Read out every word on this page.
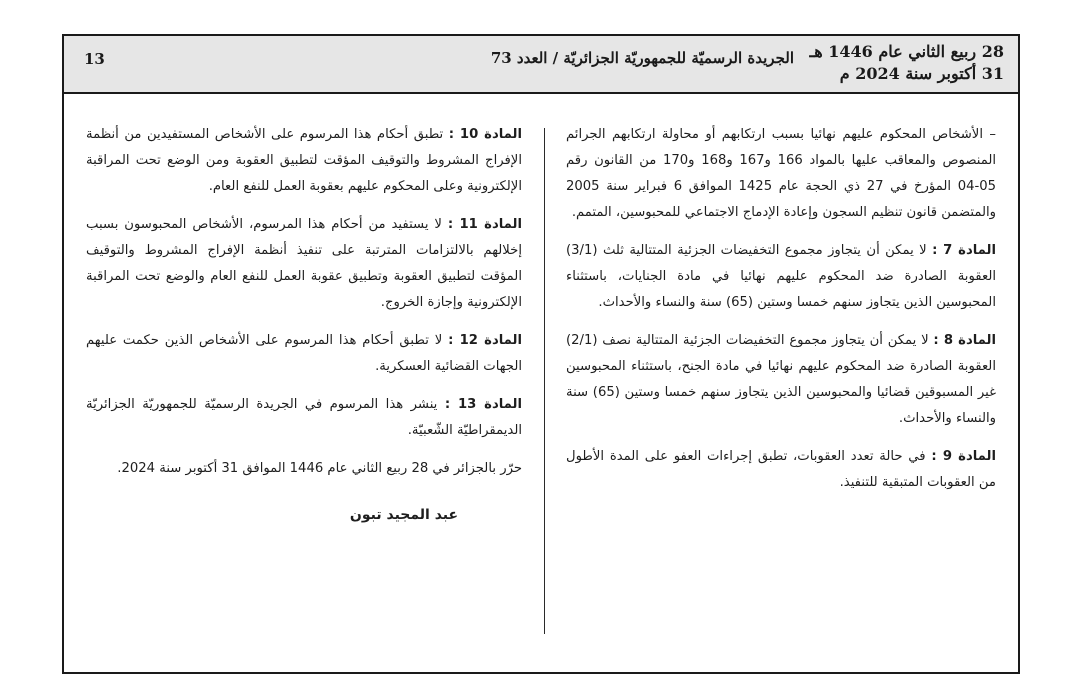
28 ربيع الثاني عام 1446 هـ
31 أكتوبر سنة 2024 م
الجريدة الرسميّة للجمهوريّة الجزائريّة / العدد 73
13

– الأشخاص المحكوم عليهم نهائيا بسبب ارتكابهم أو محاولة ارتكابهم الجرائم المنصوص والمعاقب عليها بالمواد 166 و167 و168 و170 من القانون رقم 05-04 المؤرخ في 27 ذي الحجة عام 1425 الموافق 6 فبراير سنة 2005 والمتضمن قانون تنظيم السجون وإعادة الإدماج الاجتماعي للمحبوسين، المتمم.

المادة 7 : لا يمكن أن يتجاوز مجموع التخفيضات الجزئية المتتالية ثلث (3/1) العقوبة الصادرة ضد المحكوم عليهم نهائيا في مادة الجنايات، باستثناء المحبوسين الذين يتجاوز سنهم خمسا وستين (65) سنة والنساء والأحداث.

المادة 8 : لا يمكن أن يتجاوز مجموع التخفيضات الجزئية المتتالية نصف (2/1) العقوبة الصادرة ضد المحكوم عليهم نهائيا في مادة الجنح، باستثناء المحبوسين غير المسبوقين قضائيا والمحبوسين الذين يتجاوز سنهم خمسا وستين (65) سنة والنساء والأحداث.

المادة 9 : في حالة تعدد العقوبات، تطبق إجراءات العفو على المدة الأطول من العقوبات المتبقية للتنفيذ.

المادة 10 : تطبق أحكام هذا المرسوم على الأشخاص المستفيدين من أنظمة الإفراج المشروط والتوقيف المؤقت لتطبيق العقوبة ومن الوضع تحت المراقبة الإلكترونية وعلى المحكوم عليهم بعقوبة العمل للنفع العام.

المادة 11 : لا يستفيد من أحكام هذا المرسوم، الأشخاص المحبوسون بسبب إخلالهم بالالتزامات المترتبة على تنفيذ أنظمة الإفراج المشروط والتوقيف المؤقت لتطبيق العقوبة وتطبيق عقوبة العمل للنفع العام والوضع تحت المراقبة الإلكترونية وإجازة الخروج.

المادة 12 : لا تطبق أحكام هذا المرسوم على الأشخاص الذين حكمت عليهم الجهات القضائية العسكرية.

المادة 13 : ينشر هذا المرسوم في الجريدة الرسميّة للجمهوريّة الجزائريّة الديمقراطيّة الشّعبيّة.

حرّر بالجزائر في 28 ربيع الثاني عام 1446 الموافق 31 أكتوبر سنة 2024.

عبد المجيد تبون
